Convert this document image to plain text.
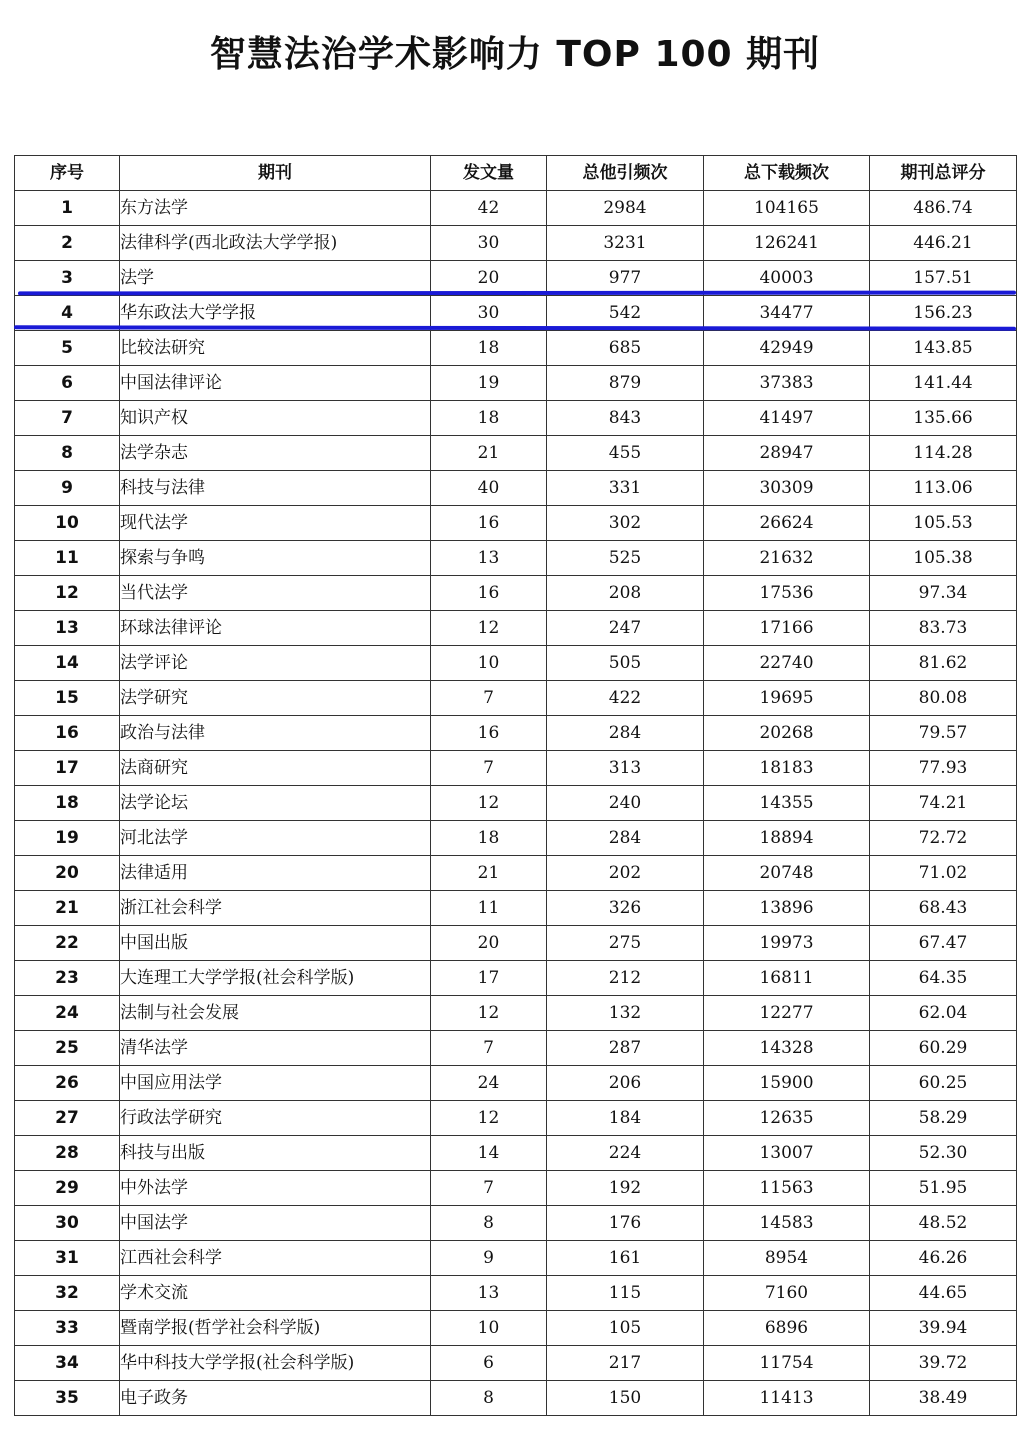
智慧法治学术影响力 TOP 100 期刊
序号	期刊	发文量	总他引频次	总下载频次	期刊总评分
1	东方法学	42	2984	104165	486.74
2	法律科学(西北政法大学学报)	30	3231	126241	446.21
3	法学	20	977	40003	157.51
4	华东政法大学学报	30	542	34477	156.23
5	比较法研究	18	685	42949	143.85
6	中国法律评论	19	879	37383	141.44
7	知识产权	18	843	41497	135.66
8	法学杂志	21	455	28947	114.28
9	科技与法律	40	331	30309	113.06
10	现代法学	16	302	26624	105.53
11	探索与争鸣	13	525	21632	105.38
12	当代法学	16	208	17536	97.34
13	环球法律评论	12	247	17166	83.73
14	法学评论	10	505	22740	81.62
15	法学研究	7	422	19695	80.08
16	政治与法律	16	284	20268	79.57
17	法商研究	7	313	18183	77.93
18	法学论坛	12	240	14355	74.21
19	河北法学	18	284	18894	72.72
20	法律适用	21	202	20748	71.02
21	浙江社会科学	11	326	13896	68.43
22	中国出版	20	275	19973	67.47
23	大连理工大学学报(社会科学版)	17	212	16811	64.35
24	法制与社会发展	12	132	12277	62.04
25	清华法学	7	287	14328	60.29
26	中国应用法学	24	206	15900	60.25
27	行政法学研究	12	184	12635	58.29
28	科技与出版	14	224	13007	52.30
29	中外法学	7	192	11563	51.95
30	中国法学	8	176	14583	48.52
31	江西社会科学	9	161	8954	46.26
32	学术交流	13	115	7160	44.65
33	暨南学报(哲学社会科学版)	10	105	6896	39.94
34	华中科技大学学报(社会科学版)	6	217	11754	39.72
35	电子政务	8	150	11413	38.49
